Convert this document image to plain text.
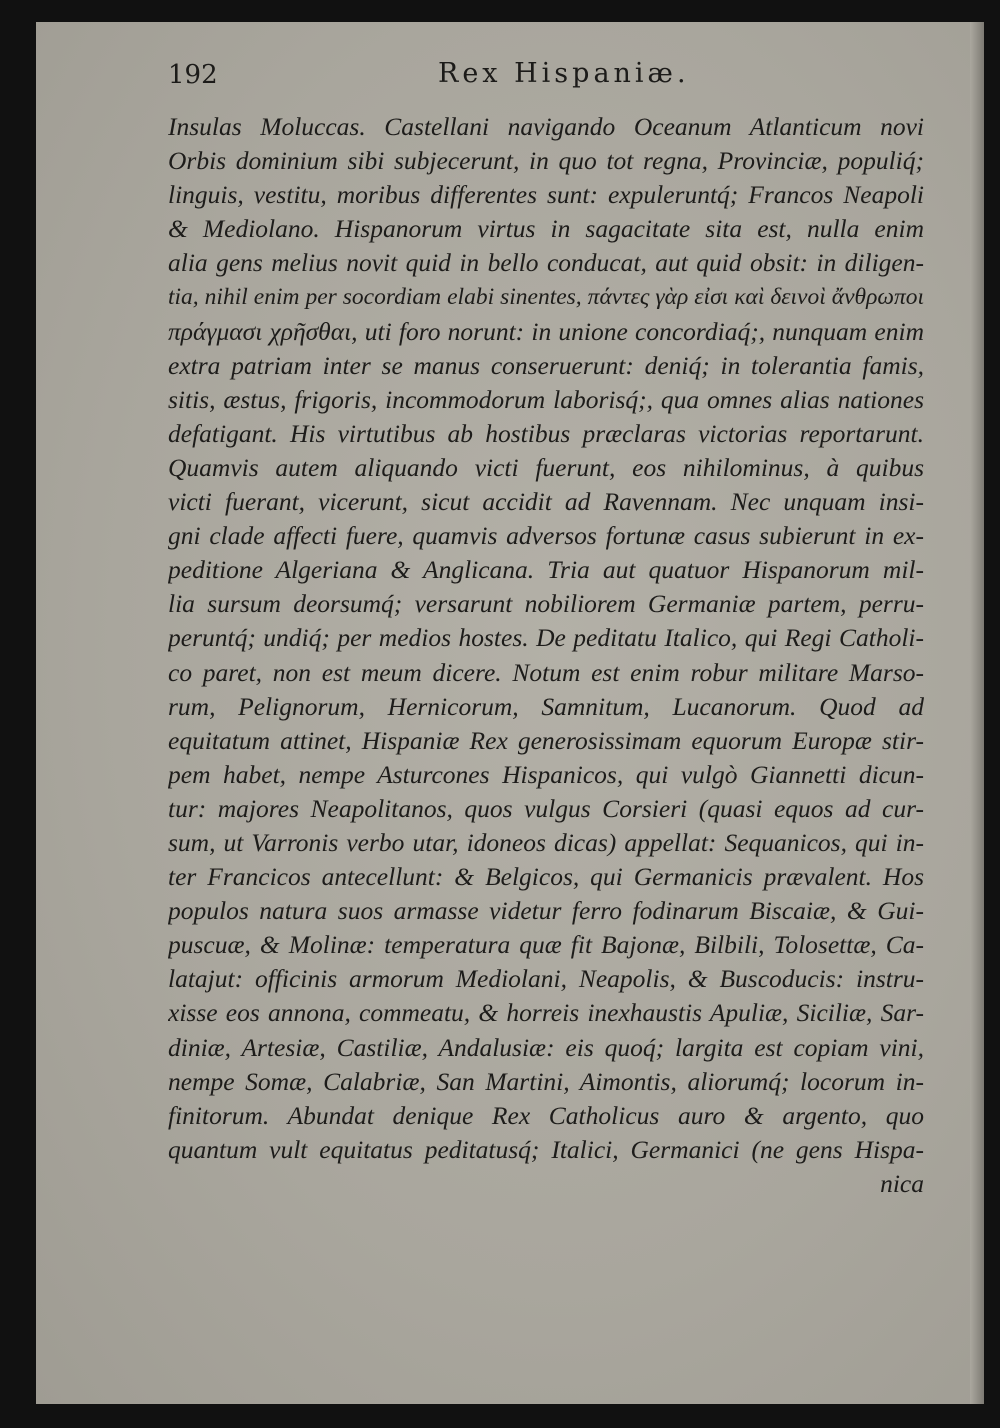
192	Rex Hispaniæ.
Insulas Moluccas. Castellani navigando Oceanum Atlanticum novi
Orbis dominium sibi subjecerunt, in quo tot regna, Provinciæ, populiq́;
linguis, vestitu, moribus differentes sunt: expuleruntq́; Francos Neapoli
& Mediolano. Hispanorum virtus in sagacitate sita est, nulla enim
alia gens melius novit quid in bello conducat, aut quid obsit: in diligen-
tia, nihil enim per socordiam elabi sinentes, πάντες γὰρ εἰσι καὶ δεινοὶ ἄνθρωποι
πράγμασι χρῆσθαι, uti foro norunt: in unione concordiaq́;, nunquam enim
extra patriam inter se manus conseruerunt: deniq́; in tolerantia famis,
sitis, æstus, frigoris, incommodorum laborisq́;, qua omnes alias nationes
defatigant. His virtutibus ab hostibus præclaras victorias reportarunt.
Quamvis autem aliquando victi fuerunt, eos nihilominus, à quibus
victi fuerant, vicerunt, sicut accidit ad Ravennam. Nec unquam insi-
gni clade affecti fuere, quamvis adversos fortunæ casus subierunt in ex-
peditione Algeriana & Anglicana. Tria aut quatuor Hispanorum mil-
lia sursum deorsumq́; versarunt nobiliorem Germaniæ partem, perru-
peruntq́; undiq́; per medios hostes. De peditatu Italico, qui Regi Catholi-
co paret, non est meum dicere. Notum est enim robur militare Marso-
rum, Pelignorum, Hernicorum, Samnitum, Lucanorum. Quod ad
equitatum attinet, Hispaniæ Rex generosissimam equorum Europæ stir-
pem habet, nempe Asturcones Hispanicos, qui vulgò Giannetti dicun-
tur: majores Neapolitanos, quos vulgus Corsieri (quasi equos ad cur-
sum, ut Varronis verbo utar, idoneos dicas) appellat: Sequanicos, qui in-
ter Francicos antecellunt: & Belgicos, qui Germanicis prævalent. Hos
populos natura suos armasse videtur ferro fodinarum Biscaiæ, & Gui-
puscuæ, & Molinæ: temperatura quæ fit Bajonæ, Bilbili, Tolosettæ, Ca-
latajut: officinis armorum Mediolani, Neapolis, & Buscoducis: instru-
xisse eos annona, commeatu, & horreis inexhaustis Apuliæ, Siciliæ, Sar-
diniæ, Artesiæ, Castiliæ, Andalusiæ: eis quoq́; largita est copiam vini,
nempe Somæ, Calabriæ, San Martini, Aimontis, aliorumq́; locorum in-
finitorum. Abundat denique Rex Catholicus auro & argento, quo
quantum vult equitatus peditatusq́; Italici, Germanici (ne gens Hispa-
nica
